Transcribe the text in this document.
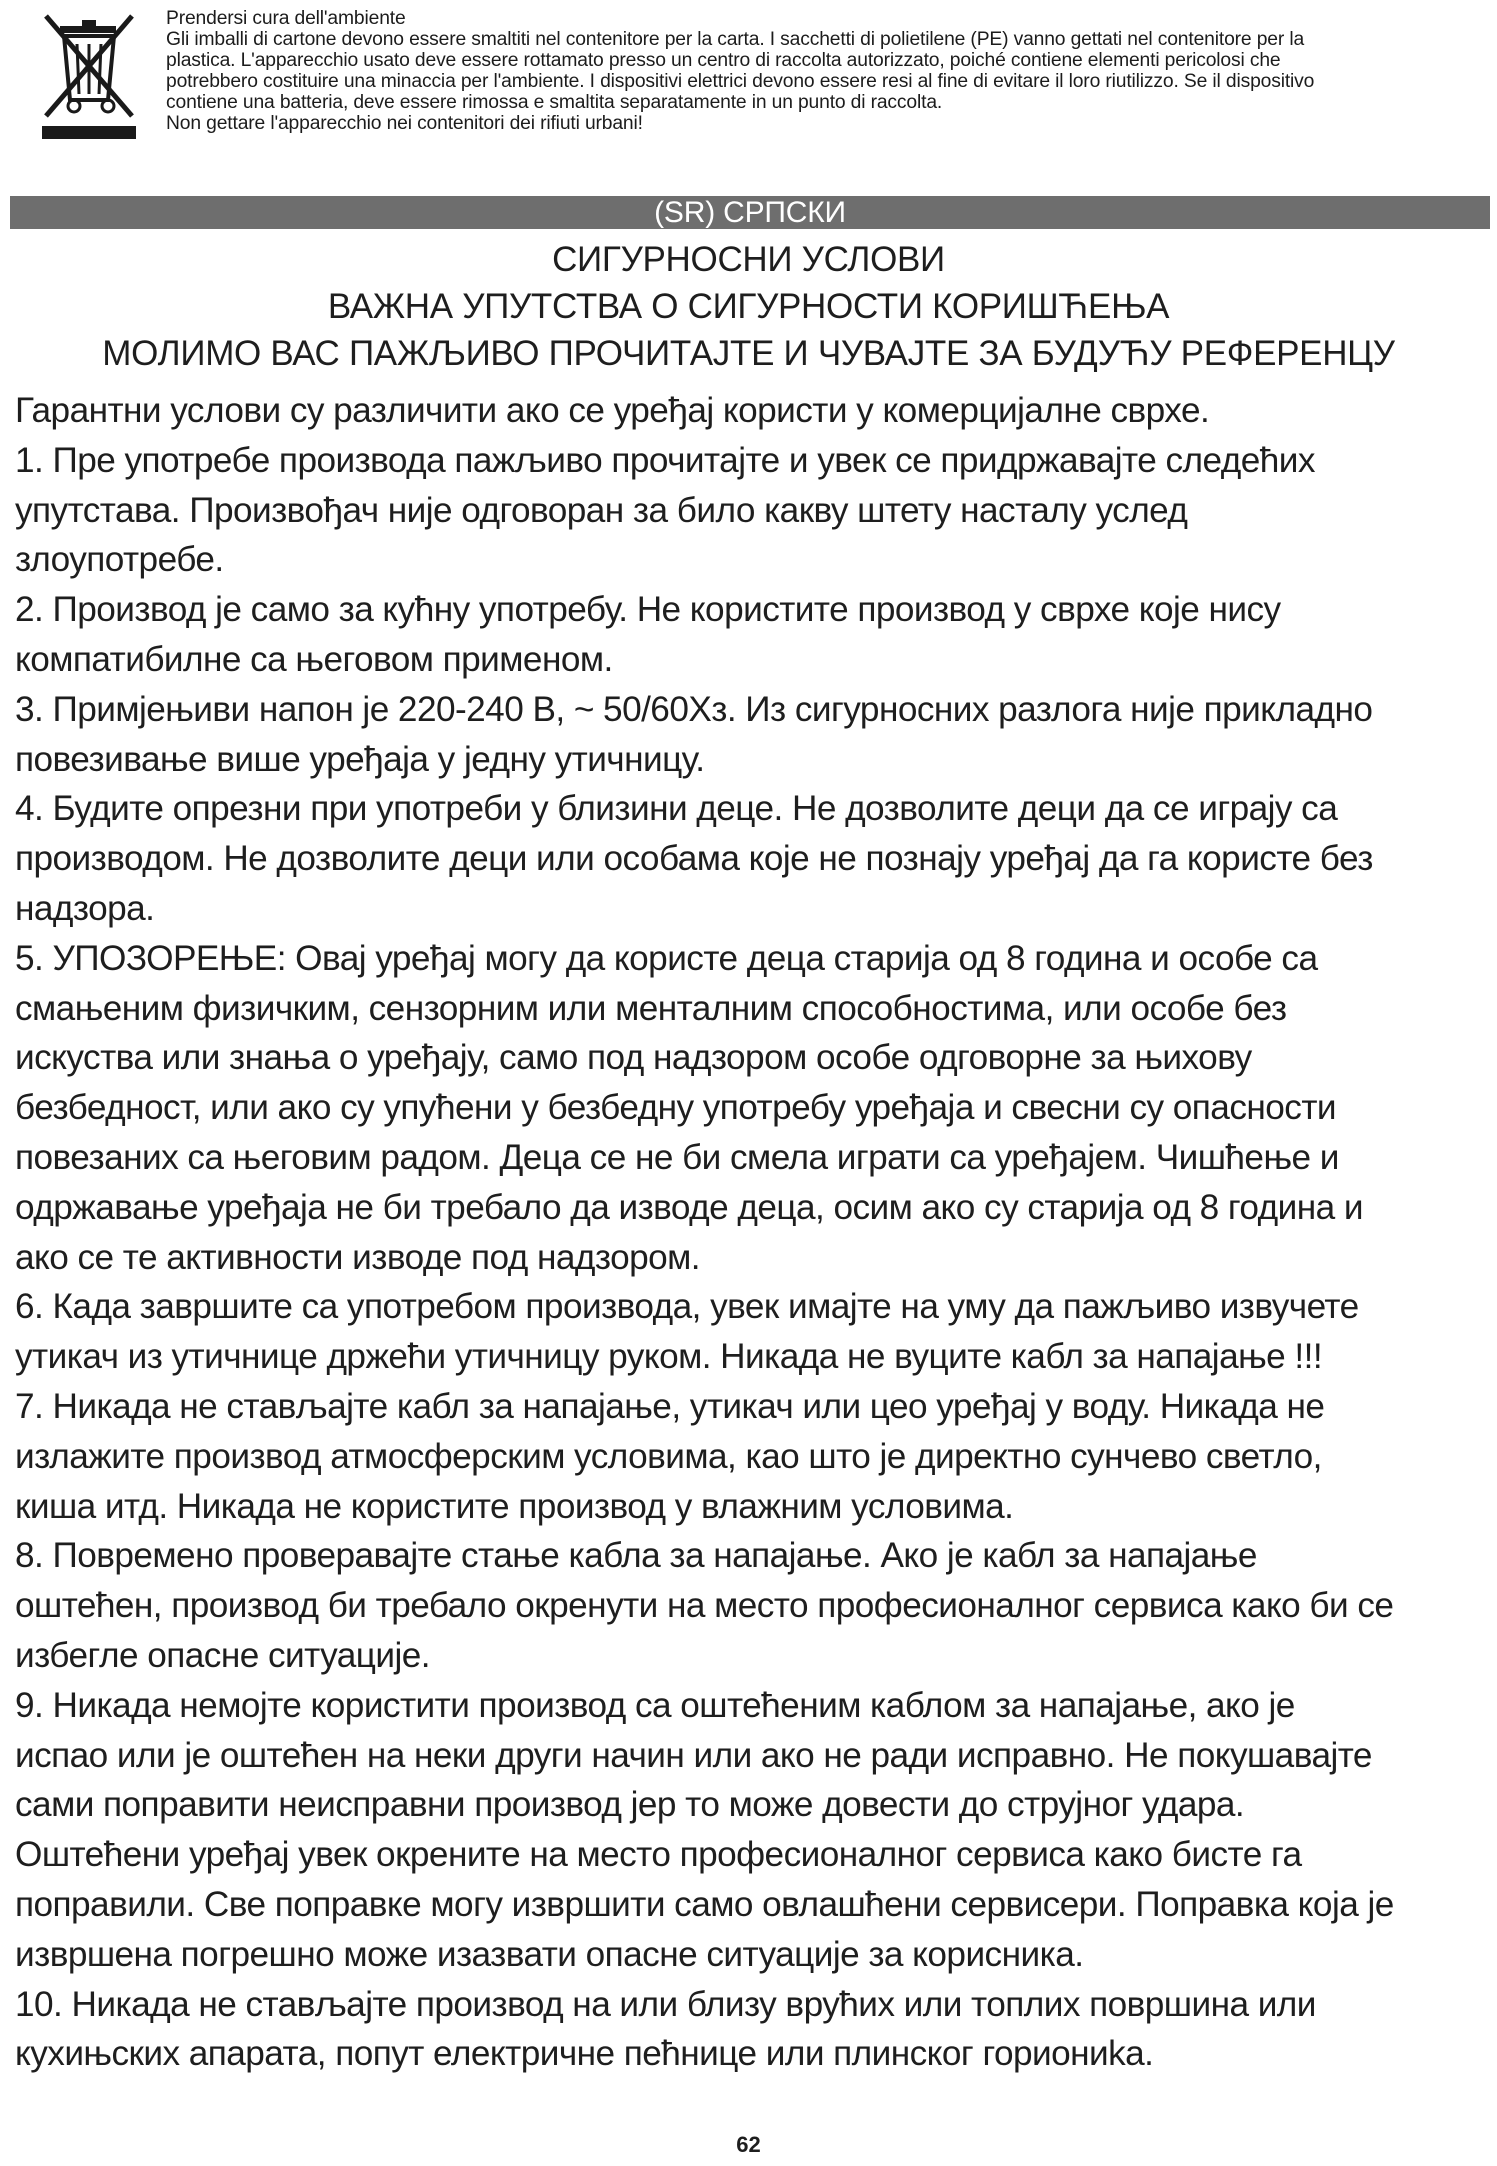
Prendersi cura dell'ambiente
Gli imballi di cartone devono essere smaltiti nel contenitore per la carta. I sacchetti di polietilene (PE) vanno gettati nel contenitore per la
plastica. L'apparecchio usato deve essere rottamato presso un centro di raccolta autorizzato, poiché contiene elementi pericolosi che
potrebbero costituire una minaccia per l'ambiente. I dispositivi elettrici devono essere resi al fine di evitare il loro riutilizzo. Se il dispositivo
contiene una batteria, deve essere rimossa e smaltita separatamente in un punto di raccolta.
Non gettare l'apparecchio nei contenitori dei rifiuti urbani!
(SR) СРПСКИ
СИГУРНОСНИ УСЛОВИ
ВАЖНА УПУТСТВА О СИГУРНОСТИ КОРИШЋЕЊА
МОЛИМО ВАС ПАЖЉИВО ПРОЧИТАЈТЕ И ЧУВАЈТЕ ЗА БУДУЋУ РЕФЕРЕНЦУ
Гарантни услови су различити ако се уређај користи у комерцијалне сврхе.
1. Пре употребе производа пажљиво прочитајте и увек се придржавајте следећих
упутстава. Произвођач није одговоран за било какву штету насталу услед
злоупотребе.
2. Производ је само за кућну употребу. Не користите производ у сврхе које нису
компатибилне са његовом применом.
3. Примјењиви напон је 220-240 В, ~ 50/60Хз. Из сигурносних разлога није прикладно
повезивање више уређаја у једну утичницу.
4. Будите опрезни при употреби у близини деце. Не дозволите деци да се играју са
производом. Не дозволите деци или особама које не познају уређај да га користе без
надзора.
5. УПОЗОРЕЊЕ: Овај уређај могу да користе деца старија од 8 година и особе са
смањеним физичким, сензорним или менталним способностима, или особе без
искуства или знања о уређају, само под надзором особе одговорне за њихову
безбедност, или ако су упућени у безбедну употребу уређаја и свесни су опасности
повезаних са његовим радом. Деца се не би смела играти са уређајем. Чишћење и
одржавање уређаја не би требало да изводе деца, осим ако су старија од 8 година и
ако се те активности изводе под надзором.
6. Када завршите са употребом производа, увек имајте на уму да пажљиво извучете
утикач из утичнице држећи утичницу руком. Никада не вуците кабл за напајање !!!
7. Никада не стављајте кабл за напајање, утикач или цео уређај у воду. Никада не
излажите производ атмосферским условима, као што је директно сунчево светло,
киша итд. Никада не користите производ у влажним условима.
8. Повремено проверавајте стање кабла за напајање. Ако је кабл за напајање
оштећен, производ би требало окренути на место професионалног сервиса како би се
избегле опасне ситуације.
9. Никада немојте користити производ са оштећеним каблом за напајање, ако је
испао или је оштећен на неки други начин или ако не ради исправно. Не покушавајте
сами поправити неисправни производ јер то може довести до струјног удара.
Оштећени уређај увек окрените на место професионалног сервиса како бисте га
поправили. Све поправке могу извршити само овлашћени сервисери. Поправка која је
извршена погрешно може изазвати опасне ситуације за корисника.
10. Никада не стављајте производ на или близу врућих или топлих површина или
кухињских апарата, попут електричне пећнице или плинског гориониka.
62
